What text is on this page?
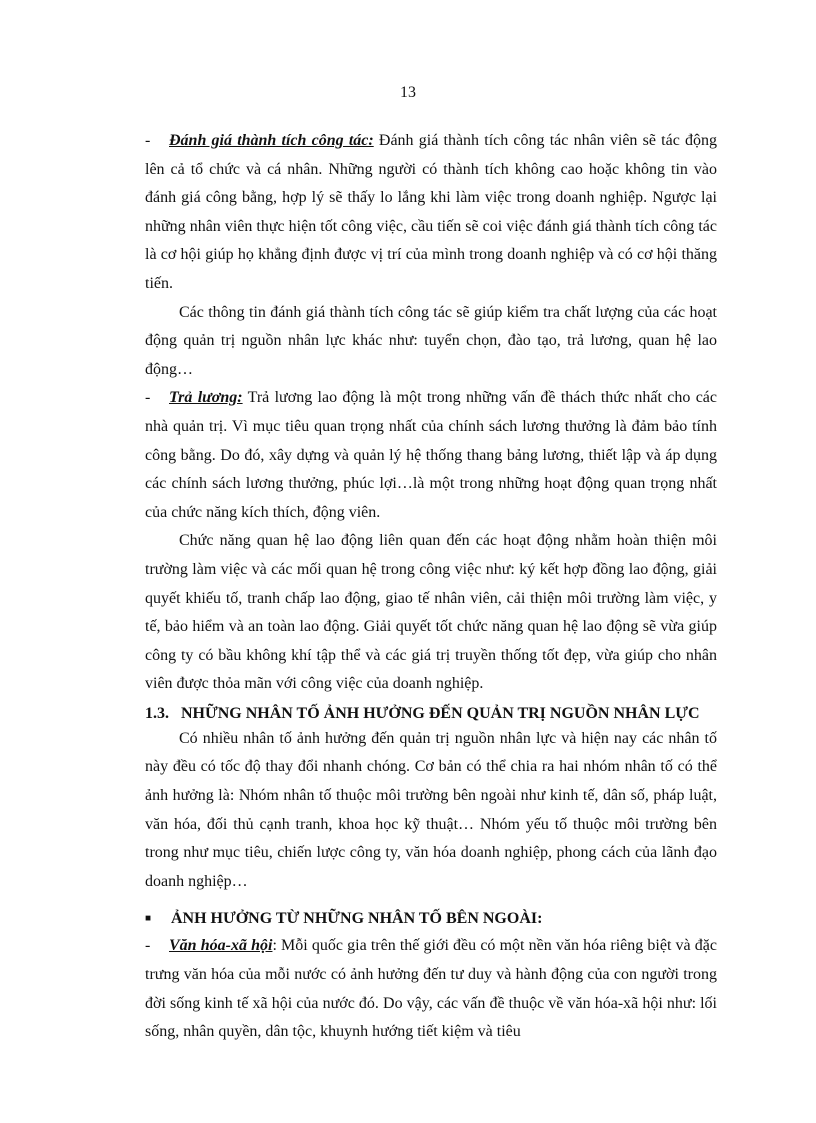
13

- Đánh giá thành tích công tác: Đánh giá thành tích công tác nhân viên sẽ tác động lên cả tổ chức và cá nhân. Những người có thành tích không cao hoặc không tin vào đánh giá công bằng, hợp lý sẽ thấy lo lắng khi làm việc trong doanh nghiệp. Ngược lại những nhân viên thực hiện tốt công việc, cầu tiến sẽ coi việc đánh giá thành tích công tác là cơ hội giúp họ khẳng định được vị trí của mình trong doanh nghiệp và có cơ hội thăng tiến.

Các thông tin đánh giá thành tích công tác sẽ giúp kiểm tra chất lượng của các hoạt động quản trị nguồn nhân lực khác như: tuyển chọn, đào tạo, trả lương, quan hệ lao động…

- Trả lương: Trả lương lao động là một trong những vấn đề thách thức nhất cho các nhà quản trị. Vì mục tiêu quan trọng nhất của chính sách lương thưởng là đảm bảo tính công bằng. Do đó, xây dựng và quản lý hệ thống thang bảng lương, thiết lập và áp dụng các chính sách lương thưởng, phúc lợi…là một trong những hoạt động quan trọng nhất của chức năng kích thích, động viên.

Chức năng quan hệ lao động liên quan đến các hoạt động nhằm hoàn thiện môi trường làm việc và các mối quan hệ trong công việc như: ký kết hợp đồng lao động, giải quyết khiếu tố, tranh chấp lao động, giao tế nhân viên, cải thiện môi trường làm việc, y tế, bảo hiểm và an toàn lao động. Giải quyết tốt chức năng quan hệ lao động sẽ vừa giúp công ty có bầu không khí tập thể và các giá trị truyền thống tốt đẹp, vừa giúp cho nhân viên được thỏa mãn với công việc của doanh nghiệp.

1.3. NHỮNG NHÂN TỐ ẢNH HƯỞNG ĐẾN QUẢN TRỊ NGUỒN NHÂN LỰC

Có nhiều nhân tố ảnh hưởng đến quản trị nguồn nhân lực và hiện nay các nhân tố này đều có tốc độ thay đổi nhanh chóng. Cơ bản có thể chia ra hai nhóm nhân tố có thể ảnh hưởng là: Nhóm nhân tố thuộc môi trường bên ngoài như kinh tế, dân số, pháp luật, văn hóa, đối thủ cạnh tranh, khoa học kỹ thuật… Nhóm yếu tố thuộc môi trường bên trong như mục tiêu, chiến lược công ty, văn hóa doanh nghiệp, phong cách của lãnh đạo doanh nghiệp…

■ ẢNH HƯỞNG TỪ NHỮNG NHÂN TỐ BÊN NGOÀI:

- Văn hóa-xã hội: Mỗi quốc gia trên thế giới đều có một nền văn hóa riêng biệt và đặc trưng văn hóa của mỗi nước có ảnh hưởng đến tư duy và hành động của con người trong đời sống kinh tế xã hội của nước đó. Do vậy, các vấn đề thuộc về văn hóa-xã hội như: lối sống, nhân quyền, dân tộc, khuynh hướng tiết kiệm và tiêu
